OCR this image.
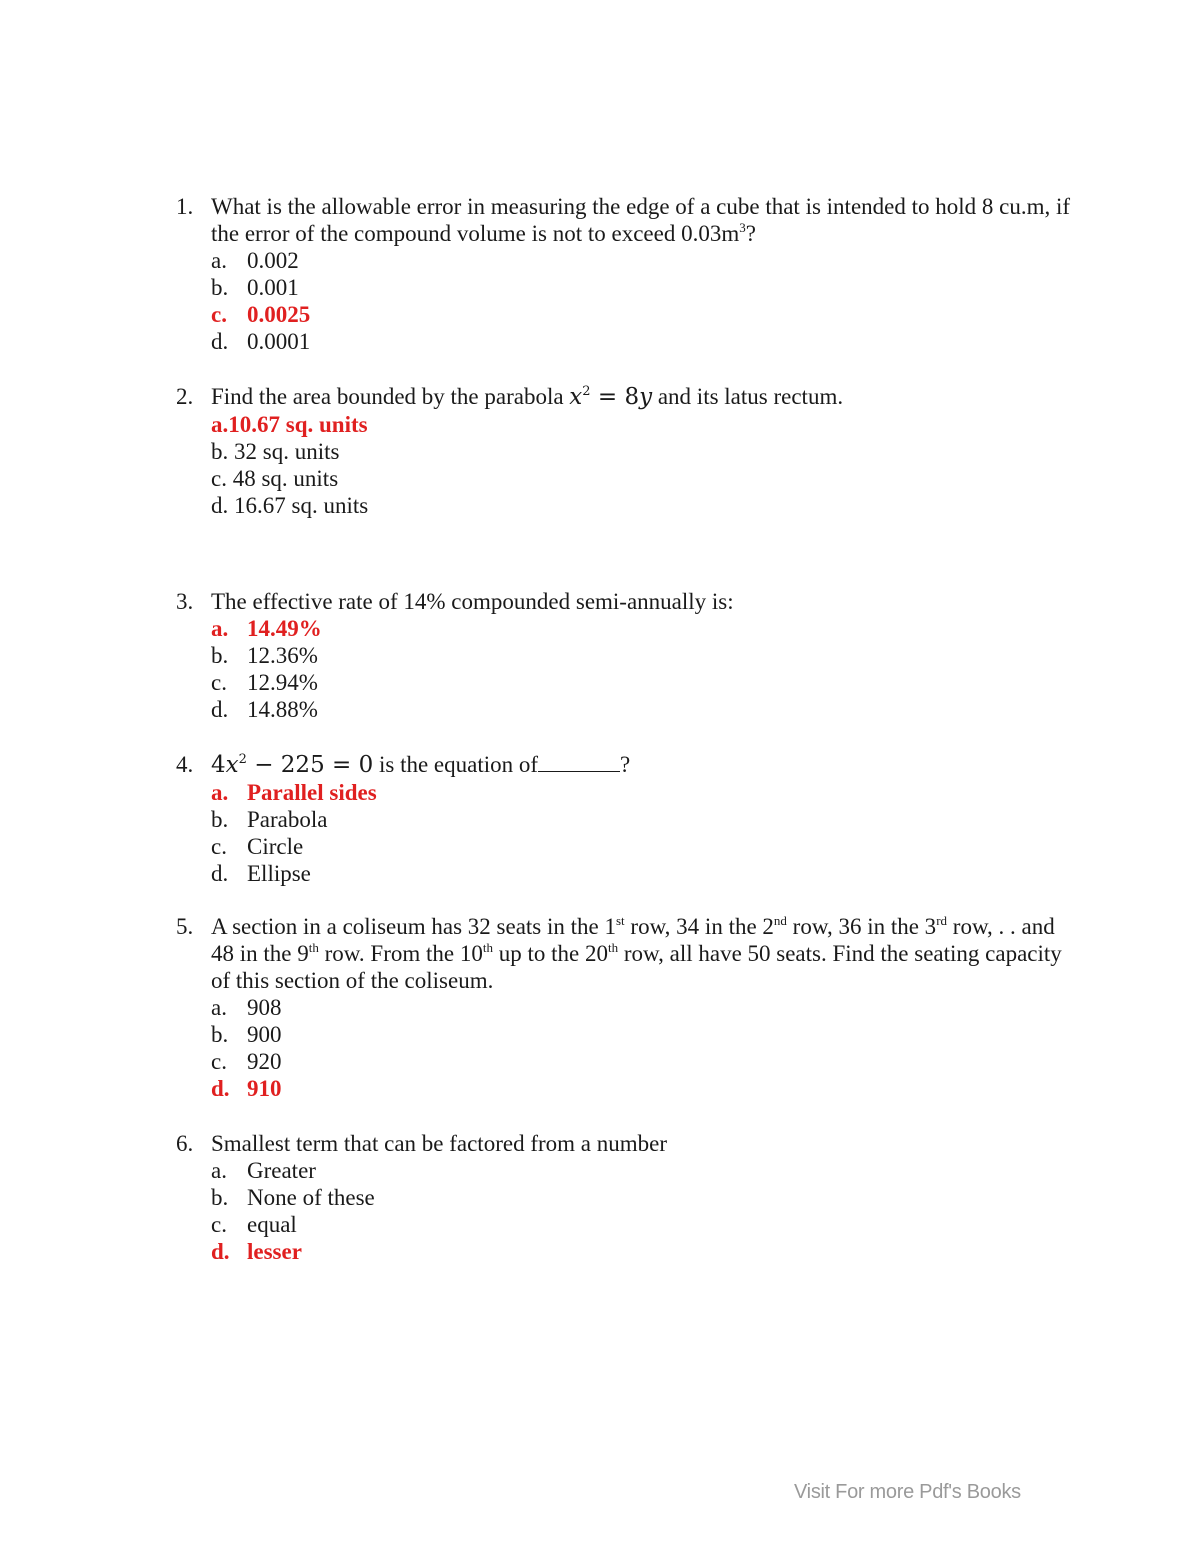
1. What is the allowable error in measuring the edge of a cube that is intended to hold 8 cu.m, if the error of the compound volume is not to exceed $0.03m^3$?
a. 0.002
b. 0.001
c. 0.0025
d. 0.0001
2. Find the area bounded by the parabola $x^2 = 8y$ and its latus rectum.
a. 10.67 sq. units
b.
32 sq. units
c.
48 sq. units
d.
16.67 sq. units
3. The effective rate of 14% compounded semi-annually is:
a. 14.49%
b. 12.36%
c. 12.94%
d. 14.88%
4. $4x^2 - 225 = 0$ is the equation of	?
a. Parallel sides
b. Parabola
c. Circle
d. Ellipse
5. A section in a coliseum has 32 seats in the 1st row, 34 in the 2nd row, 36 in the 3rd row, . . and 48 in the 9th row. From the 10th up to the 20th row, all have 50 seats. Find the seating capacity of this section of the coliseum.
a. 908
b. 900
c. 920
d. 910
6. Smallest term that can be factored from a number
a. Greater
b. None of these
c. equal
d. lesser
Visit For more Pdf's Books
